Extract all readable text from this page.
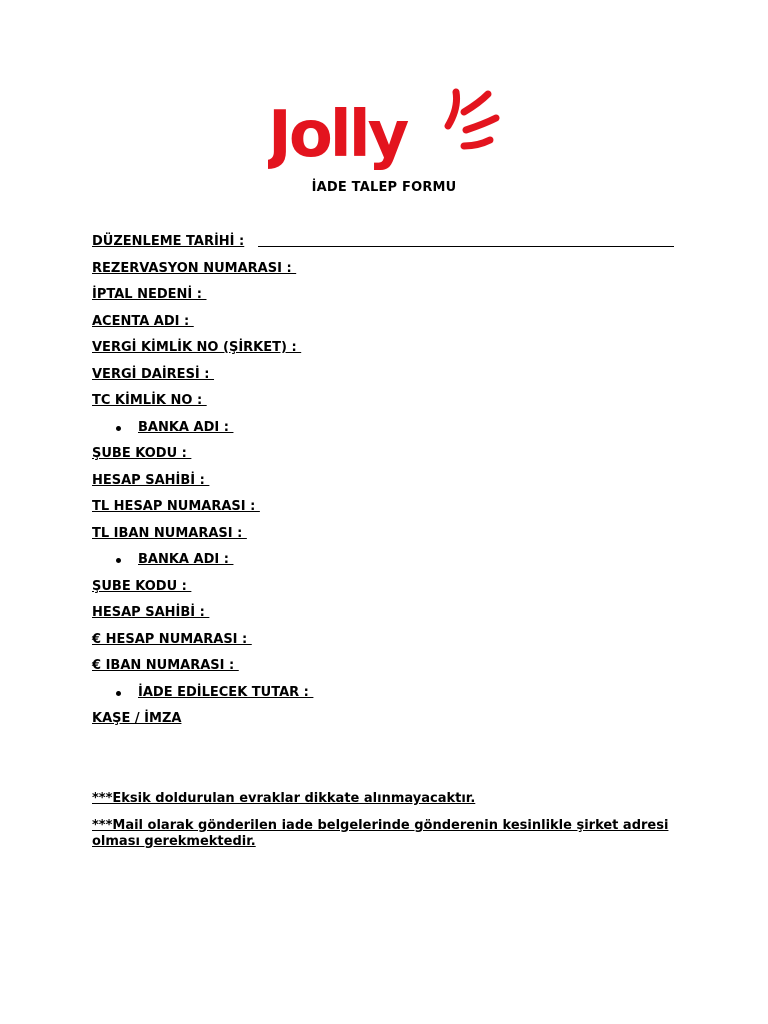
Jolly
İADE TALEP FORMU
DÜZENLEME TARİHİ :
REZERVASYON NUMARASI :
İPTAL NEDENİ :
ACENTA ADI :
VERGİ KİMLİK NO (ŞİRKET) :
VERGİ DAİRESİ :
TC KİMLİK NO :
BANKA ADI :
ŞUBE KODU :
HESAP SAHİBİ :
TL HESAP NUMARASI :
TL IBAN NUMARASI :
BANKA ADI :
ŞUBE KODU :
HESAP SAHİBİ :
€ HESAP NUMARASI :
€ IBAN NUMARASI :
İADE EDİLECEK TUTAR :
KAŞE / İMZA
***Eksik doldurulan evraklar dikkate alınmayacaktır.
***Mail olarak gönderilen iade belgelerinde gönderenin kesinlikle şirket adresi olması gerekmektedir.
